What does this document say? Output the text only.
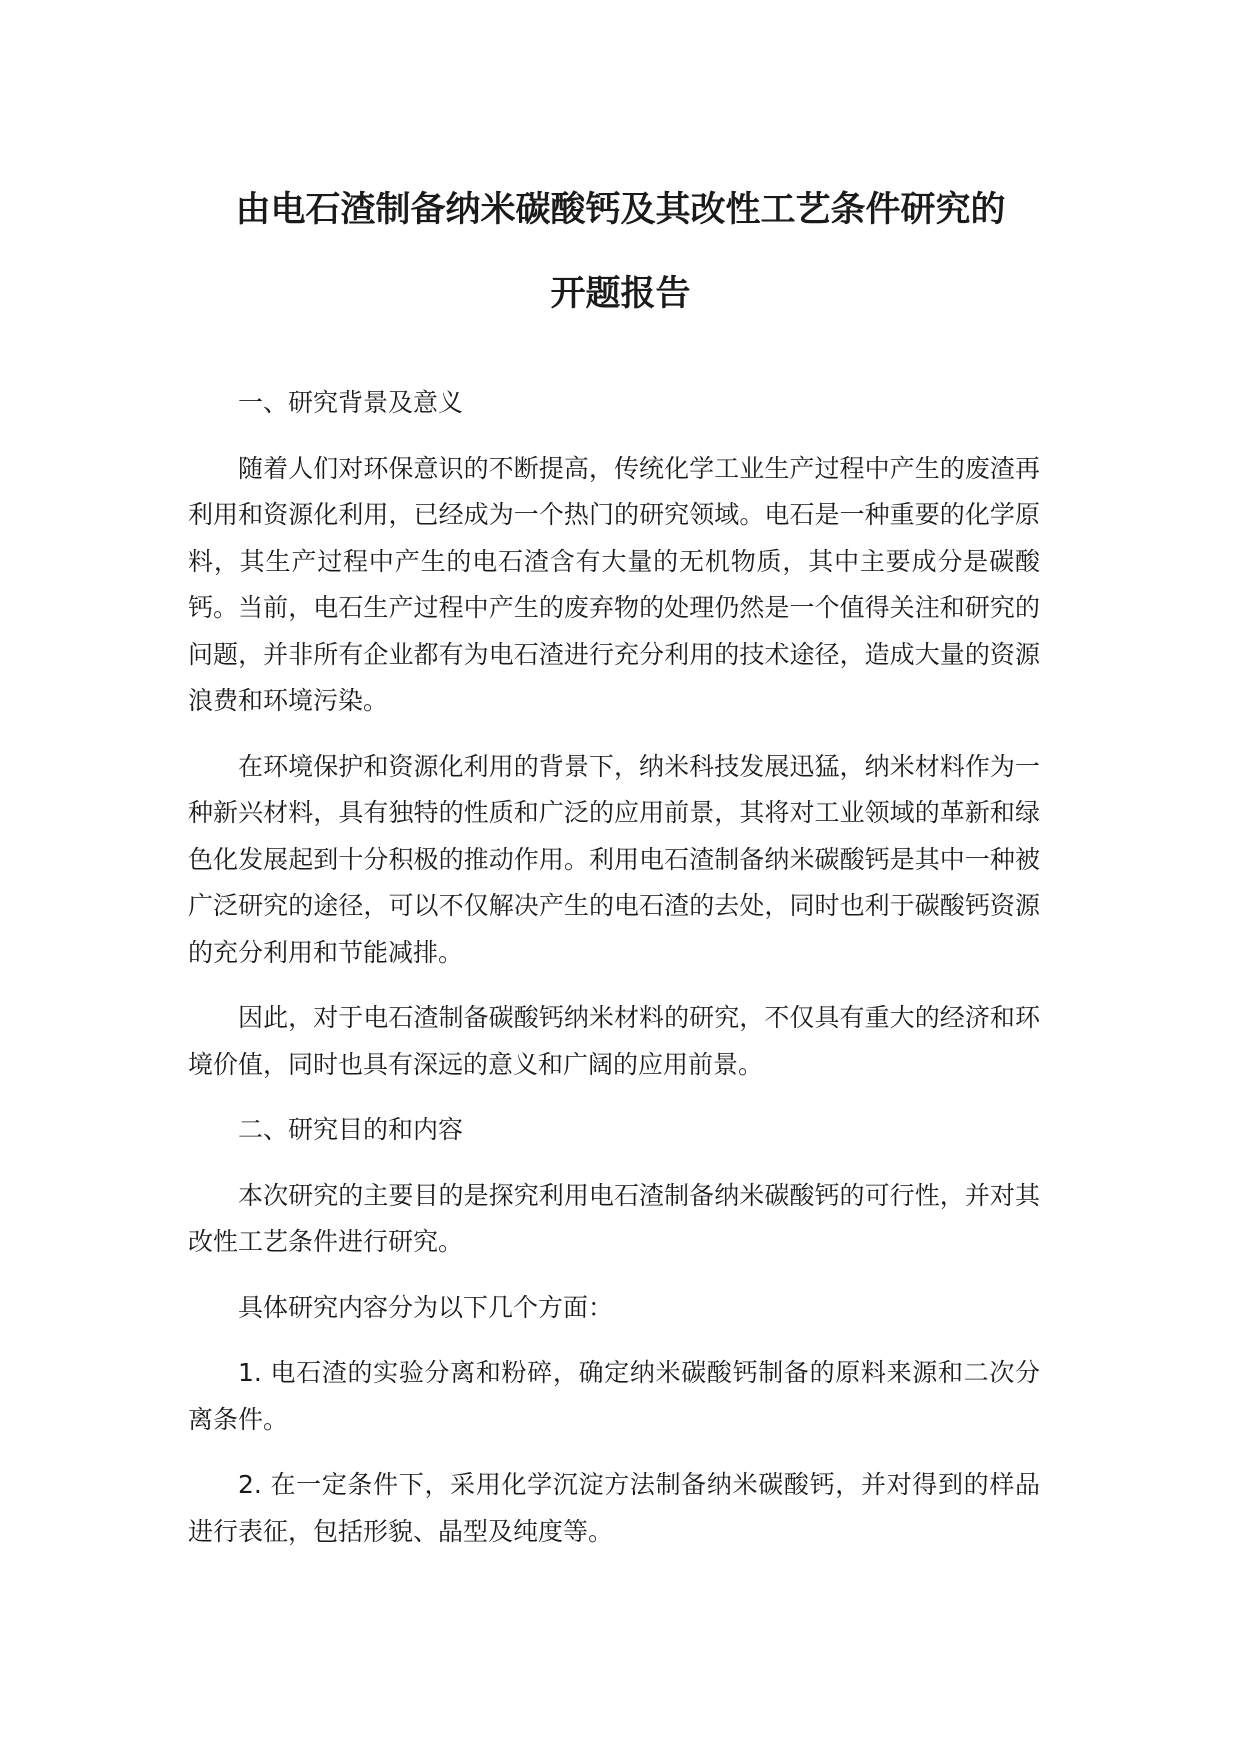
由电石渣制备纳米碳酸钙及其改性工艺条件研究的
开题报告

一、研究背景及意义

随着人们对环保意识的不断提高，传统化学工业生产过程中产生的废渣再利用和资源化利用，已经成为一个热门的研究领域。电石是一种重要的化学原料，其生产过程中产生的电石渣含有大量的无机物质，其中主要成分是碳酸钙。当前，电石生产过程中产生的废弃物的处理仍然是一个值得关注和研究的问题，并非所有企业都有为电石渣进行充分利用的技术途径，造成大量的资源浪费和环境污染。

在环境保护和资源化利用的背景下，纳米科技发展迅猛，纳米材料作为一种新兴材料，具有独特的性质和广泛的应用前景，其将对工业领域的革新和绿色化发展起到十分积极的推动作用。利用电石渣制备纳米碳酸钙是其中一种被广泛研究的途径，可以不仅解决产生的电石渣的去处，同时也利于碳酸钙资源的充分利用和节能减排。

因此，对于电石渣制备碳酸钙纳米材料的研究，不仅具有重大的经济和环境价值，同时也具有深远的意义和广阔的应用前景。

二、研究目的和内容

本次研究的主要目的是探究利用电石渣制备纳米碳酸钙的可行性，并对其改性工艺条件进行研究。

具体研究内容分为以下几个方面：

1. 电石渣的实验分离和粉碎，确定纳米碳酸钙制备的原料来源和二次分离条件。

2. 在一定条件下，采用化学沉淀方法制备纳米碳酸钙，并对得到的样品进行表征，包括形貌、晶型及纯度等。
